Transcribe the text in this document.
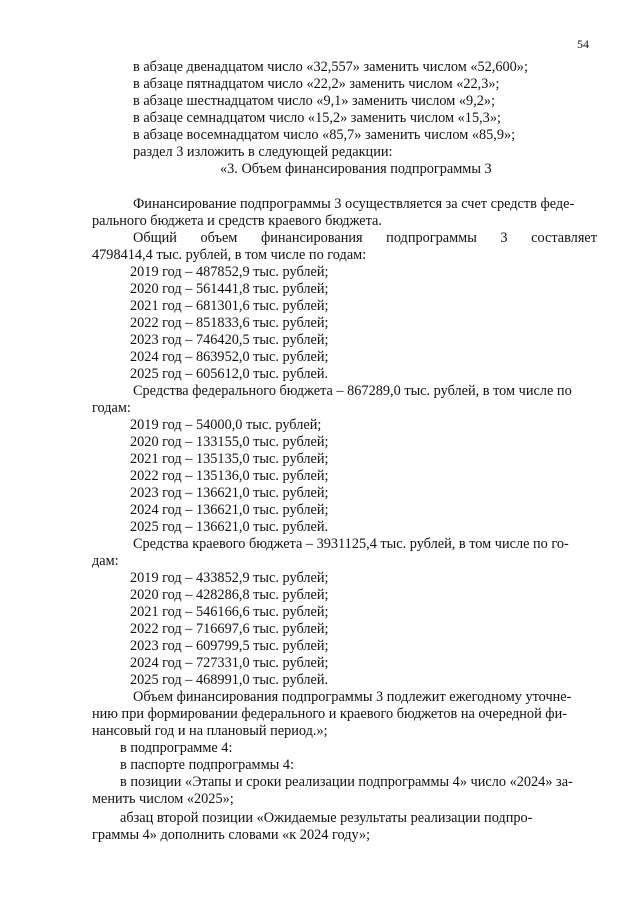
54
в абзаце двенадцатом число «32,557» заменить числом «52,600»;
в абзаце пятнадцатом число «22,2» заменить числом «22,3»;
в абзаце шестнадцатом число «9,1» заменить числом «9,2»;
в абзаце семнадцатом число «15,2» заменить числом «15,3»;
в абзаце восемнадцатом число «85,7» заменить числом «85,9»;
раздел 3 изложить в следующей редакции:
«3. Объем финансирования подпрограммы 3
Финансирование подпрограммы 3 осуществляется за счет средств феде-
рального бюджета и средств краевого бюджета.
Общий объем финансирования подпрограммы 3 составляет
4798414,4 тыс. рублей, в том числе по годам:
2019 год – 487852,9 тыс. рублей;
2020 год – 561441,8 тыс. рублей;
2021 год – 681301,6 тыс. рублей;
2022 год – 851833,6 тыс. рублей;
2023 год – 746420,5 тыс. рублей;
2024 год – 863952,0 тыс. рублей;
2025 год – 605612,0 тыс. рублей.
Средства федерального бюджета – 867289,0 тыс. рублей, в том числе по
годам:
2019 год – 54000,0 тыс. рублей;
2020 год – 133155,0 тыс. рублей;
2021 год – 135135,0 тыс. рублей;
2022 год – 135136,0 тыс. рублей;
2023 год – 136621,0 тыс. рублей;
2024 год – 136621,0 тыс. рублей;
2025 год – 136621,0 тыс. рублей.
Средства краевого бюджета – 3931125,4 тыс. рублей, в том числе по го-
дам:
2019 год – 433852,9 тыс. рублей;
2020 год – 428286,8 тыс. рублей;
2021 год – 546166,6 тыс. рублей;
2022 год – 716697,6 тыс. рублей;
2023 год – 609799,5 тыс. рублей;
2024 год – 727331,0 тыс. рублей;
2025 год – 468991,0 тыс. рублей.
Объем финансирования подпрограммы 3 подлежит ежегодному уточне-
нию при формировании федерального и краевого бюджетов на очередной фи-
нансовый год и на плановый период.»;
в подпрограмме 4:
в паспорте подпрограммы 4:
в позиции «Этапы и сроки реализации подпрограммы 4» число «2024» за-
менить числом «2025»;
абзац второй позиции «Ожидаемые результаты реализации подпро-
граммы 4» дополнить словами «к 2024 году»;
